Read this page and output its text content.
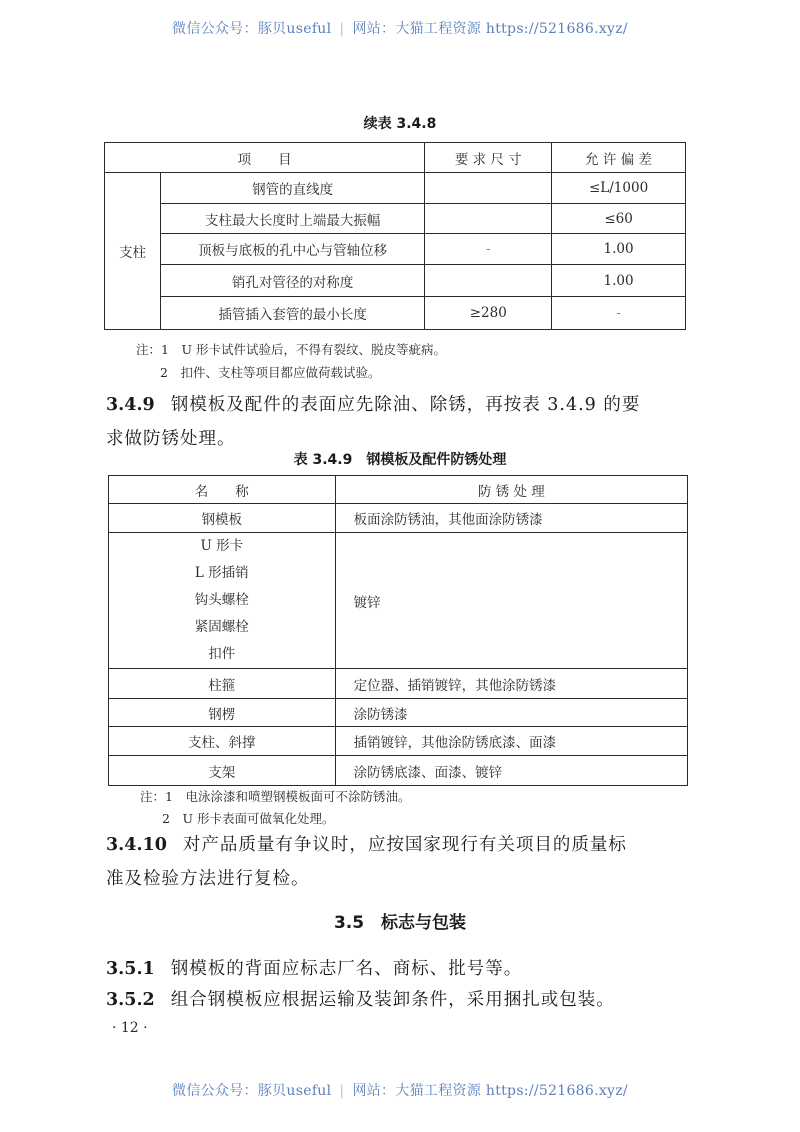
微信公众号：豚贝useful | 网站：大猫工程资源 https://521686.xyz/
续表 3.4.8
项　　目		要 求 尺 寸	允 许 偏 差
支柱	钢管的直线度		≤L/1000
	支柱最大长度时上端最大振幅		≤60
	顶板与底板的孔中心与管轴位移	-	1.00
	销孔对管径的对称度		1.00
	插管插入套管的最小长度	≥280	-
注：1　U 形卡试件试验后，不得有裂纹、脱皮等疵病。
2　扣件、支柱等项目都应做荷载试验。
3.4.9 钢模板及配件的表面应先除油、除锈，再按表 3.4.9 的要
求做防锈处理。
表 3.4.9　钢模板及配件防锈处理
名　　称	防 锈 处 理
钢模板	板面涂防锈油，其他面涂防锈漆

U 形卡
L 形插销
钩头螺栓
紧固螺栓
扣件	镀锌
柱箍	定位器、插销镀锌，其他涂防锈漆
钢楞	涂防锈漆
支柱、斜撑	插销镀锌，其他涂防锈底漆、面漆
支架	涂防锈底漆、面漆、镀锌
注：1　电泳涂漆和喷塑钢模板面可不涂防锈油。
2　U 形卡表面可做氧化处理。
3.4.10 对产品质量有争议时，应按国家现行有关项目的质量标
准及检验方法进行复检。
3.5　标志与包装
3.5.1 钢模板的背面应标志厂名、商标、批号等。
3.5.2 组合钢模板应根据运输及装卸条件，采用捆扎或包装。
· 12 ·
微信公众号：豚贝useful | 网站：大猫工程资源 https://521686.xyz/
